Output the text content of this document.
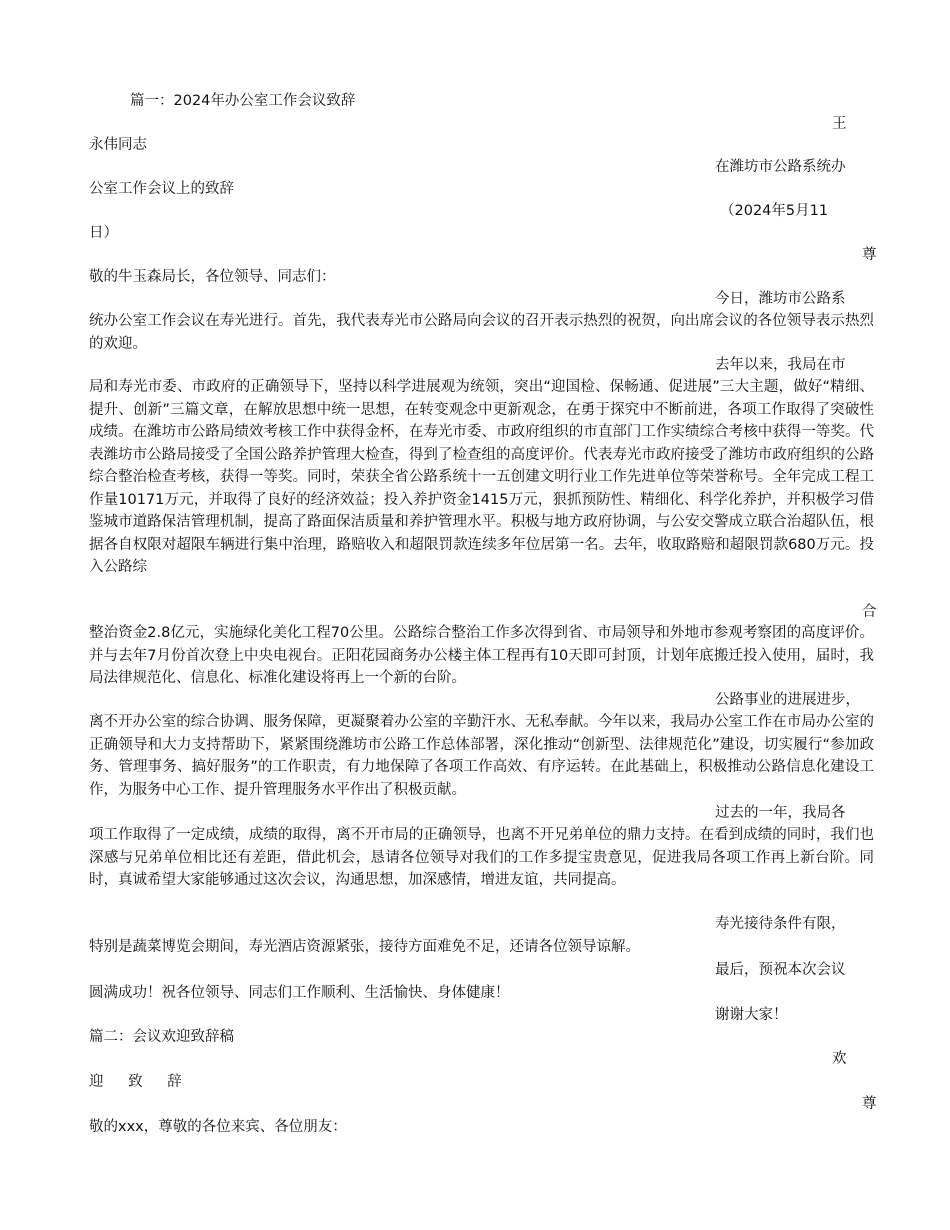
篇一：2024年办公室工作会议致辞
王
永伟同志
在潍坊市公路系统办
公室工作会议上的致辞
（2024年5月11
日）
尊
敬的牛玉森局长，各位领导、同志们：
今日，潍坊市公路系
统办公室工作会议在寿光进行。首先，我代表寿光市公路局向会议的召开表示热烈的祝贺，向出席会议的各位领导表示热烈的欢迎。
去年以来，我局在市
局和寿光市委、市政府的正确领导下，坚持以科学进展观为统领，突出“迎国检、保畅通、促进展”三大主题，做好“精细、提升、创新”三篇文章，在解放思想中统一思想，在转变观念中更新观念，在勇于探究中不断前进，各项工作取得了突破性成绩。在潍坊市公路局绩效考核工作中获得金杯，在寿光市委、市政府组织的市直部门工作实绩综合考核中获得一等奖。代表潍坊市公路局接受了全国公路养护管理大检查，得到了检查组的高度评价。代表寿光市政府接受了潍坊市政府组织的公路综合整治检查考核，获得一等奖。同时，荣获全省公路系统十一五创建文明行业工作先进单位等荣誉称号。全年完成工程工作量10171万元，并取得了良好的经济效益；投入养护资金1415万元，狠抓预防性、精细化、科学化养护，并积极学习借鉴城市道路保洁管理机制，提高了路面保洁质量和养护管理水平。积极与地方政府协调，与公安交警成立联合治超队伍，根据各自权限对超限车辆进行集中治理，路赔收入和超限罚款连续多年位居第一名。去年，收取路赔和超限罚款680万元。投入公路综
合
整治资金2.8亿元，实施绿化美化工程70公里。公路综合整治工作多次得到省、市局领导和外地市参观考察团的高度评价。并与去年7月份首次登上中央电视台。正阳花园商务办公楼主体工程再有10天即可封顶，计划年底搬迁投入使用，届时，我局法律规范化、信息化、标准化建设将再上一个新的台阶。
公路事业的进展进步，
离不开办公室的综合协调、服务保障，更凝聚着办公室的辛勤汗水、无私奉献。今年以来，我局办公室工作在市局办公室的正确领导和大力支持帮助下，紧紧围绕潍坊市公路工作总体部署，深化推动“创新型、法律规范化”建设，切实履行“参加政务、管理事务、搞好服务”的工作职责，有力地保障了各项工作高效、有序运转。在此基础上，积极推动公路信息化建设工作，为服务中心工作、提升管理服务水平作出了积极贡献。
过去的一年，我局各
项工作取得了一定成绩，成绩的取得，离不开市局的正确领导，也离不开兄弟单位的鼎力支持。在看到成绩的同时，我们也深感与兄弟单位相比还有差距，借此机会，恳请各位领导对我们的工作多提宝贵意见，促进我局各项工作再上新台阶。同时，真诚希望大家能够通过这次会议，沟通思想，加深感情，增进友谊，共同提高。
寿光接待条件有限，
特别是蔬菜博览会期间，寿光酒店资源紧张，接待方面难免不足，还请各位领导谅解。
最后，预祝本次会议
圆满成功！祝各位领导、同志们工作顺利、生活愉快、身体健康！
谢谢大家！
篇二：会议欢迎致辞稿
欢
迎 致 辞
尊
敬的xxx，尊敬的各位来宾、各位朋友：
